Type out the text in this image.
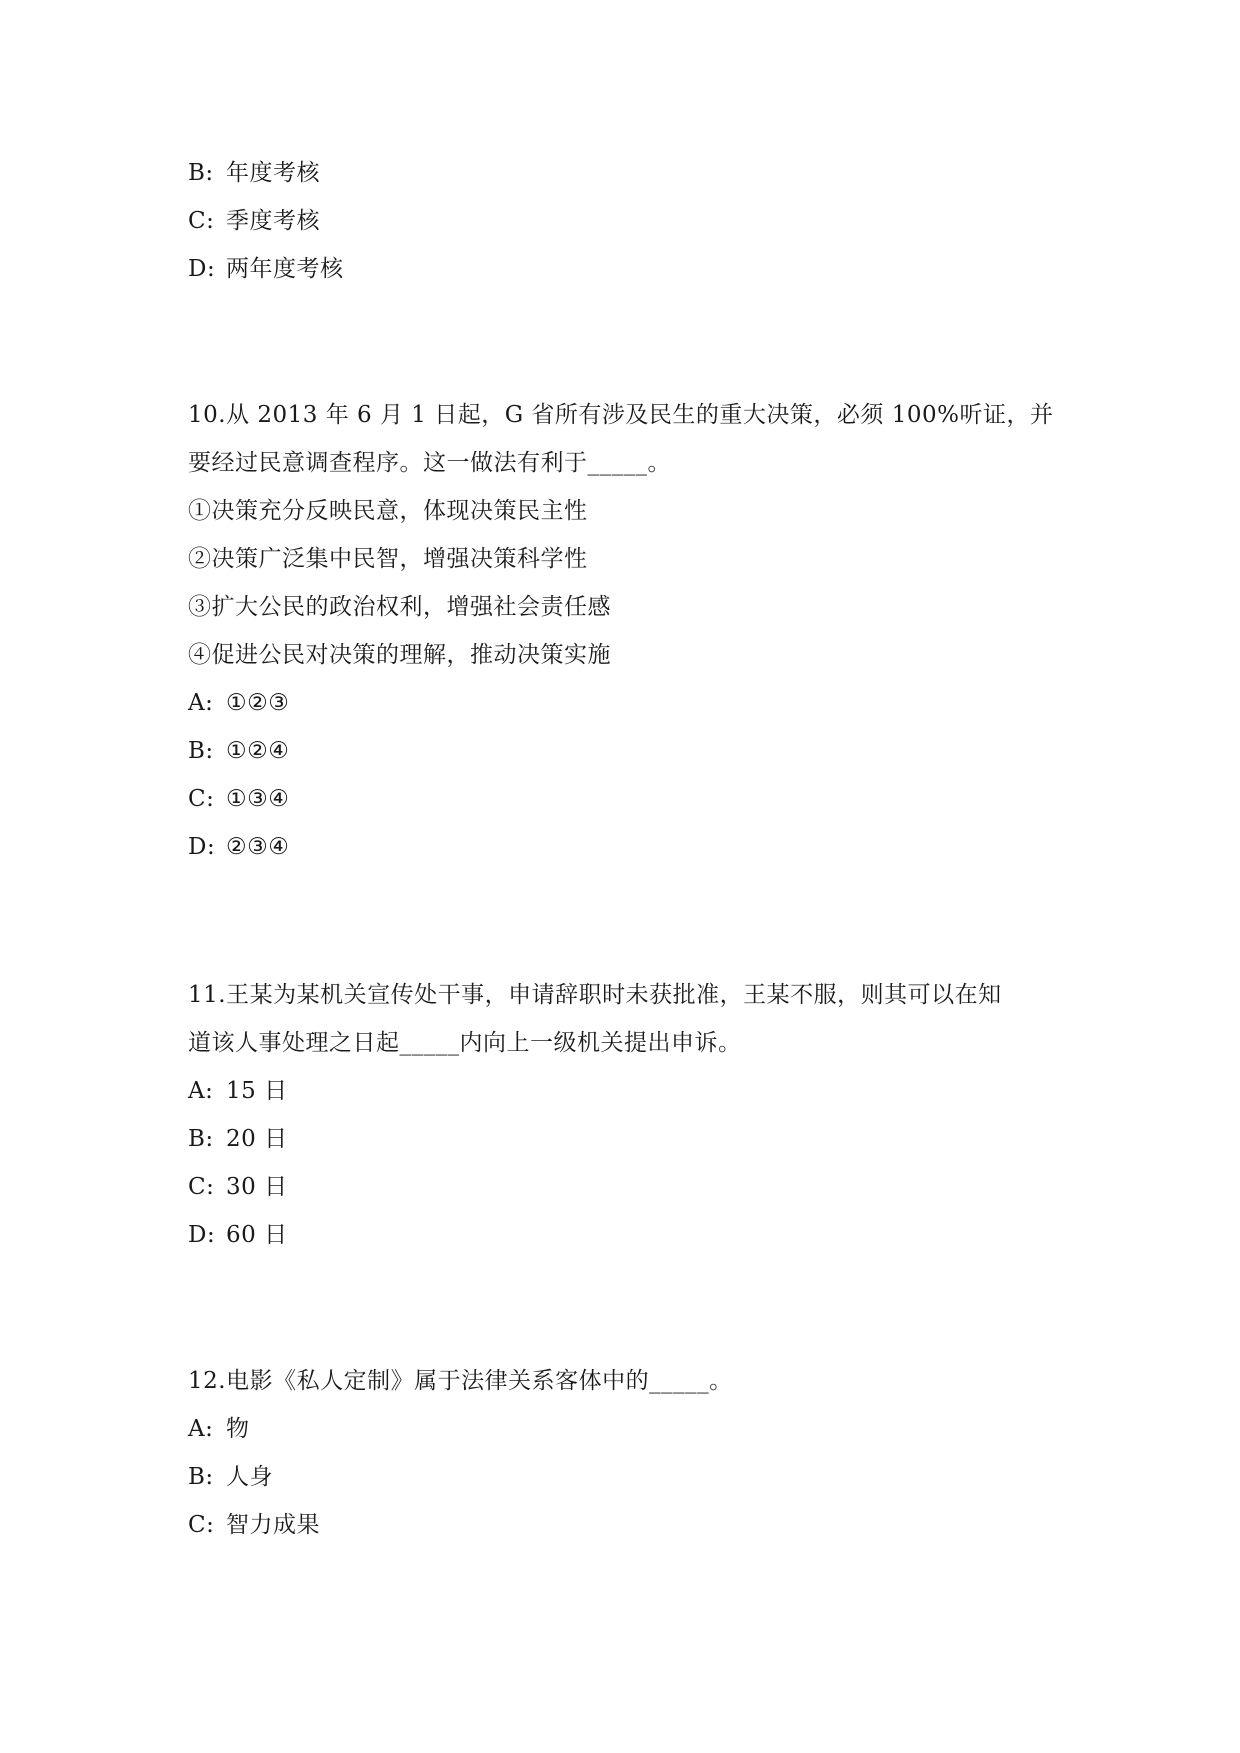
B: 年度考核
C: 季度考核
D: 两年度考核
10.从 2013 年 6 月 1 日起，G 省所有涉及民生的重大决策，必须 100%听证，并
要经过民意调查程序。这一做法有利于_____。
①决策充分反映民意，体现决策民主性
②决策广泛集中民智，增强决策科学性
③扩大公民的政治权利，增强社会责任感
④促进公民对决策的理解，推动决策实施
A: ①②③
B: ①②④
C: ①③④
D: ②③④
11.王某为某机关宣传处干事，申请辞职时未获批准，王某不服，则其可以在知
道该人事处理之日起_____内向上一级机关提出申诉。
A: 15 日
B: 20 日
C: 30 日
D: 60 日
12.电影《私人定制》属于法律关系客体中的_____。
A: 物
B: 人身
C: 智力成果
